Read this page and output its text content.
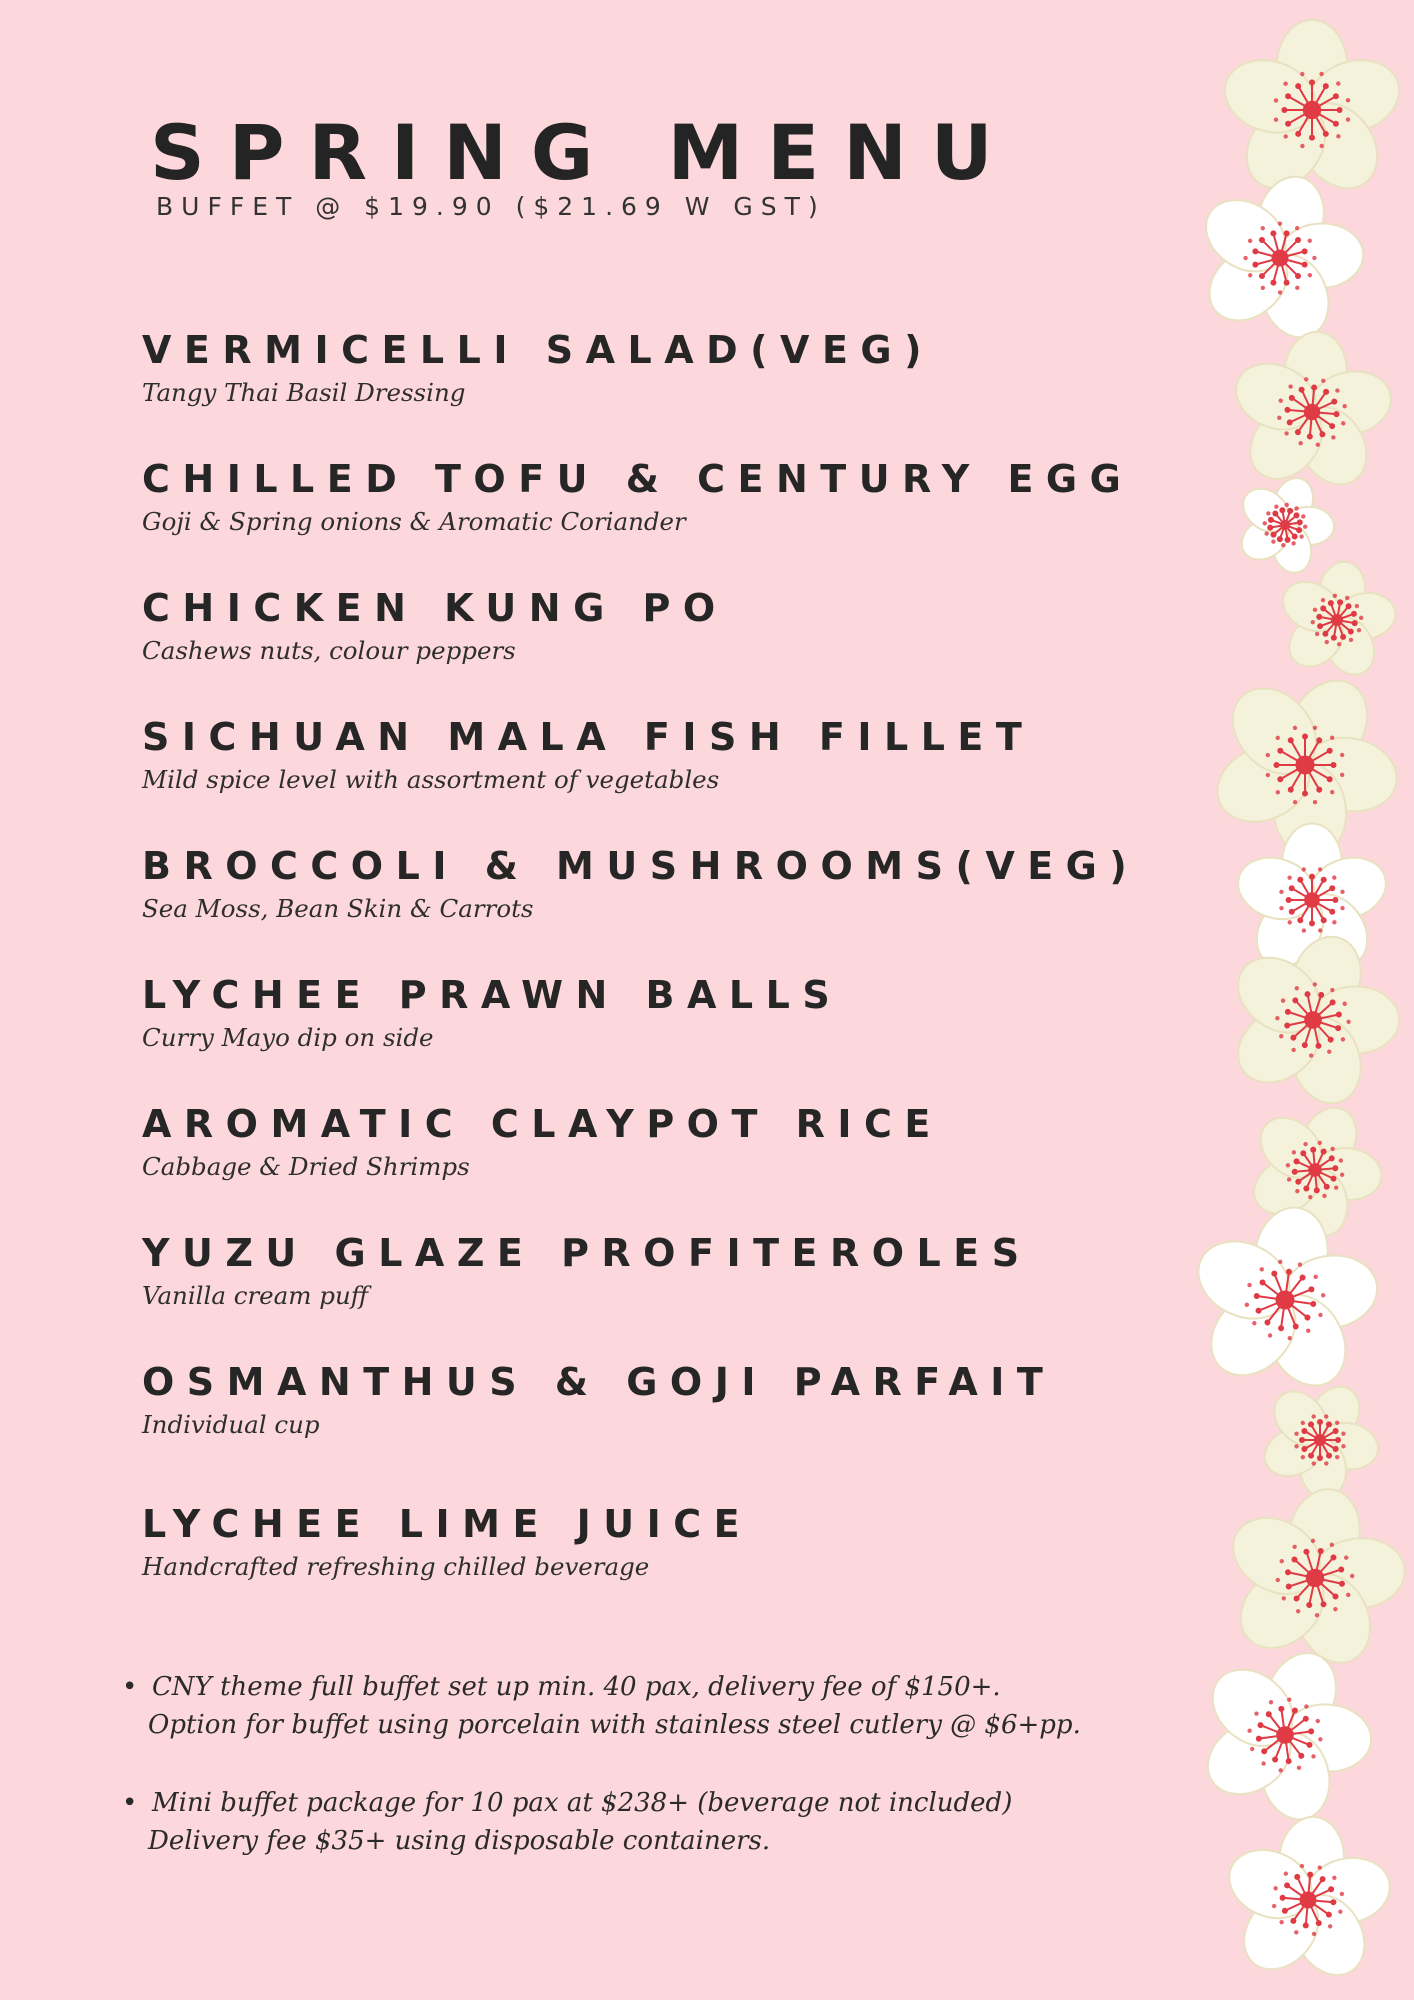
SPRING MENU
BUFFET @ $19.90 ($21.69 W GST)
VERMICELLI SALAD(VEG)
Tangy Thai Basil Dressing
CHILLED TOFU & CENTURY EGG
Goji & Spring onions & Aromatic Coriander
CHICKEN KUNG PO
Cashews nuts, colour peppers
SICHUAN MALA FISH FILLET
Mild spice level with assortment of vegetables
BROCCOLI & MUSHROOMS(VEG)
Sea Moss, Bean Skin & Carrots
LYCHEE PRAWN BALLS
Curry Mayo dip on side
AROMATIC CLAYPOT RICE
Cabbage & Dried Shrimps
YUZU GLAZE PROFITEROLES
Vanilla cream puff
OSMANTHUS & GOJI PARFAIT
Individual cup
LYCHEE LIME JUICE
Handcrafted refreshing chilled beverage
• CNY theme full buffet set up min. 40 pax, delivery fee of $150+.
Option for buffet using porcelain with stainless steel cutlery @ $6+pp.
• Mini buffet package for 10 pax at $238+ (beverage not included)
Delivery fee $35+ using disposable containers.
